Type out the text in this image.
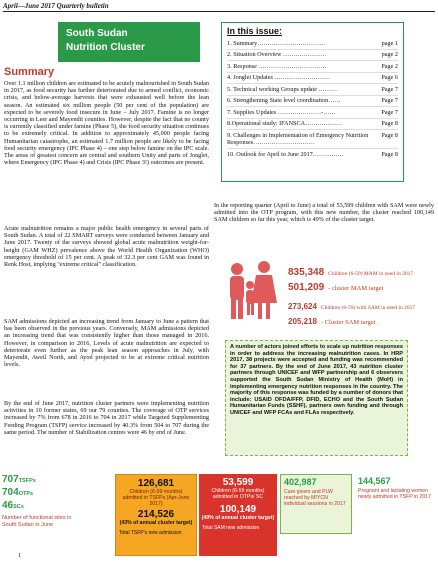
April—June 2017 Quarterly bulletin
South Sudan
Nutrition Cluster
Summary
Over 1.1 million children are estimated to be acutely malnourished in South Sudan in 2017, as food security has further deteriorated due to armed conflict, economic crisis, and below-average harvests that were exhausted well before the lean season. An estimated six million people (50 per cent of the population) are expected to be severely food insecure in June – July 2017. Famine is no longer occurring in Leer and Mayendit counties. However, despite the fact that no county is currently classified under famine (Phase 5), the food security situation continues to be extremely critical. In addition to approximately 45,000 people facing Humanitarian catastrophe, an estimated 1.7 million people are likely to be facing food security emergency (IPC Phase 4) – one step below famine on the IPC scale. The areas of greatest concern are central and southern Unity and parts of Jonglei, where Emergency (IPC Phase 4) and Crisis (IPC Phase 3!) outcomes are present.
Acute malnutrition remains a major public health emergency in several parts of South Sudan. A total of 22 SMART surveys were conducted between January and June 2017. Twenty of the surveys showed global acute malnutrition weight-for-height (GAM WHZ) prevalence above the World Health Organization (WHO) emergency threshold of 15 per cent. A peak of 32.3 per cent GAM was found in Renk Host, implying "extreme critical" classification.
SAM admissions depicted an increasing trend from January to June a pattern that has been observed in the previous years. Conversely, MAM admissions depicted an increasing trend that was consistently higher than those managed in 2016. However, in comparison to 2016, Levels of acute malnutrition are expected to deteriorate even further as the peak lean season approaches in July, with Mayendit, Aweil North, and Ayod projected to be at extreme critical nutrition levels.
By the end of June 2017, nutrition cluster partners were implementing nutrition activities in 10 former states, 69 our 79 counties. The coverage of OTP services increased by 7% from 678 in 2016 to 704 in 2017 while Targeted Supplementing Feeding Program (TSFP) service increased by 40.3% from 504 to 707 during the same period. The number of Stabilization centres were 46 by end of June.
In this issue:
1. Summary……………………………	page 1
2. Situation Overview …………………	page 2
3. Response ……………………………	Page 2
4. Jonglei Updates ………………………	Page 6
5. Technical working Groups update ………	Page 7
6. Strengthening State level coordination……	Page 7
7. Supplies Updates …………………-……	Page 7
8.Operational study: IFANSCA………………	Page 8
9. Challenges in Implementation of Emergency Nutrition Responses…………………………
Page 8
10. Outlook for April to June 2017……………	Page 8
In the reporting quarter (April to June) a total of 53,599 children with SAM were newly admitted into the OTP program, with this new number, the cluster reached 100,149 SAM children so far this year, which is 49% of the cluster target.
835,348 Children (6-59) MAM in need in 2017
501,209 - cluster MAM target
273,624 Children (6-59) with SAM in need in 2017
205,218 - Cluster SAM target .
A number of actors joined efforts to scale up nutrition responses in order to address the increasing malnutrition cases. In HRP 2017, 38 projects were accepted and funding was recommended for 37 partners. By the end of June 2017, 43 nutrition cluster partners through UNICEF and WFP partnership and 6 observers supported the South Sudan Ministry of Health (MoH) in implementing emergency nutrition responses in the country. The majority of this response was funded by a number of donors that include: USAID OFDA/FFP, DFID, ECHO and the South Sudan Humanitarian Funds (SSHF), partners own funding and through UNICEF and WFP FCAs and FLAs respectively.
707TSFPs
704OTPs
46SCs
Number of functional sites in South Sudan in June
126,681
Children (6-59 months) admitted in TSFPs (Apr-June 2017)
214,526
(43% of annual cluster target)
Total TSFP's new admission
53,599
Children (6-59 months) admitted in OTPs/ SC
100,149
(49% of annual cluster target)
Total SAM new admission
402,987
Care givers and PLW reached by MIYCN individual sessions in 2017
144,567
Pregnant and lactating women newly admitted in TSFP in 2017
1
